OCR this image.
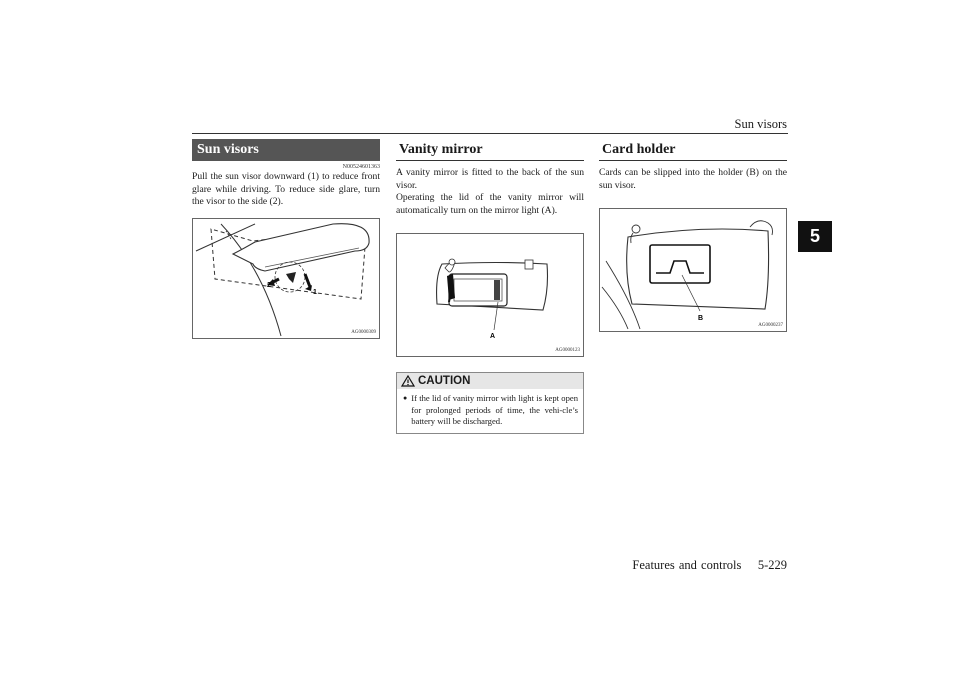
Sun visors
5
Sun visors
N00524601363

Pull the sun visor downward (1) to reduce front glare while driving. To reduce side glare, turn the visor to the side (2).

2
1
AG0000309
Vanity mirror

A vanity mirror is fitted to the back of the sun visor.
Operating the lid of the vanity mirror will automatically turn on the mirror light (A).

A
AG0000123
CAUTION
● If the lid of vanity mirror with light is kept open for prolonged periods of time, the vehi-cle’s battery will be discharged.
Card holder

Cards can be slipped into the holder (B) on the sun visor.

B
AG0000237
Features and controls 5-229
